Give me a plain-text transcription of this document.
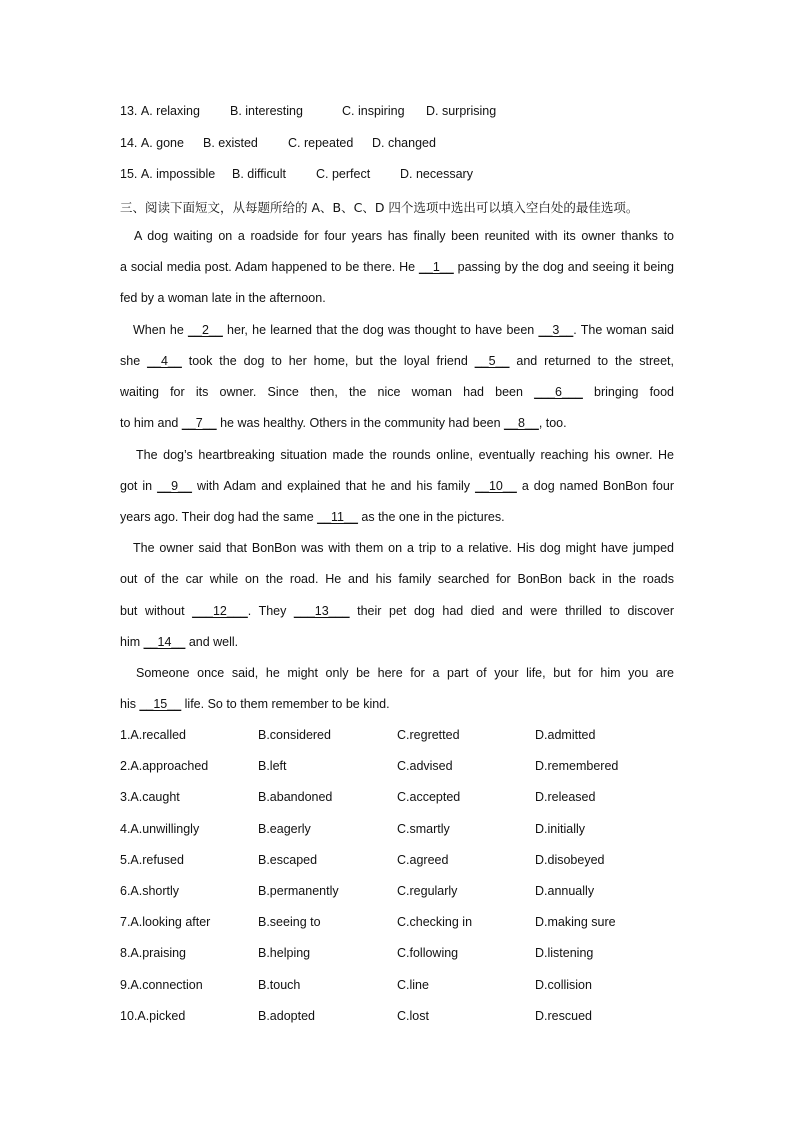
13. A. relaxing B. interesting	C. inspiring D. surprising
14. A. gone B. existed C. repeated D. changed
15. A. impossible B. difficult C. perfect D. necessary
三、阅读下面短文，从每题所给的 A、B、C、D 四个选项中选出可以填入空白处的最佳选项。
A dog waiting on a roadside for four years has finally been reunited with its owner thanks to
a social media post. Adam happened to be there. He __1__ passing by the dog and seeing it being
fed by a woman late in the afternoon.
When he __2__ her, he learned that the dog was thought to have been __3__. The woman said
she __4__ took the dog to her home, but the loyal friend __5__ and returned to the street,
waiting for its owner. Since then, the nice woman had been ___6___ bringing food
to him and __7__ he was healthy. Others in the community had been __8__, too.
The dog’s heartbreaking situation made the rounds online, eventually reaching his owner. He
got in __9__ with Adam and explained that he and his family __10__ a dog named BonBon four
years ago. Their dog had the same __11__ as the one in the pictures.
The owner said that BonBon was with them on a trip to a relative. His dog might have jumped
out of the car while on the road. He and his family searched for BonBon back in the roads
but without ___12___. They ___13___ their pet dog had died and were thrilled to discover
him __14__ and well.
Someone once said, he might only be here for a part of your life, but for him you are
his __15__ life. So to them remember to be kind.
1.A.recalled	B.considered	C.regretted	D.admitted
2.A.approached	B.left	C.advised	D.remembered
3.A.caught	B.abandoned	C.accepted	D.released
4.A.unwillingly	B.eagerly	C.smartly	D.initially
5.A.refused	B.escaped	C.agreed	D.disobeyed
6.A.shortly	B.permanently	C.regularly	D.annually
7.A.looking after	B.seeing to	C.checking in	D.making sure
8.A.praising	B.helping	C.following	D.listening
9.A.connection	B.touch	C.line	D.collision
10.A.picked	B.adopted	C.lost	D.rescued
